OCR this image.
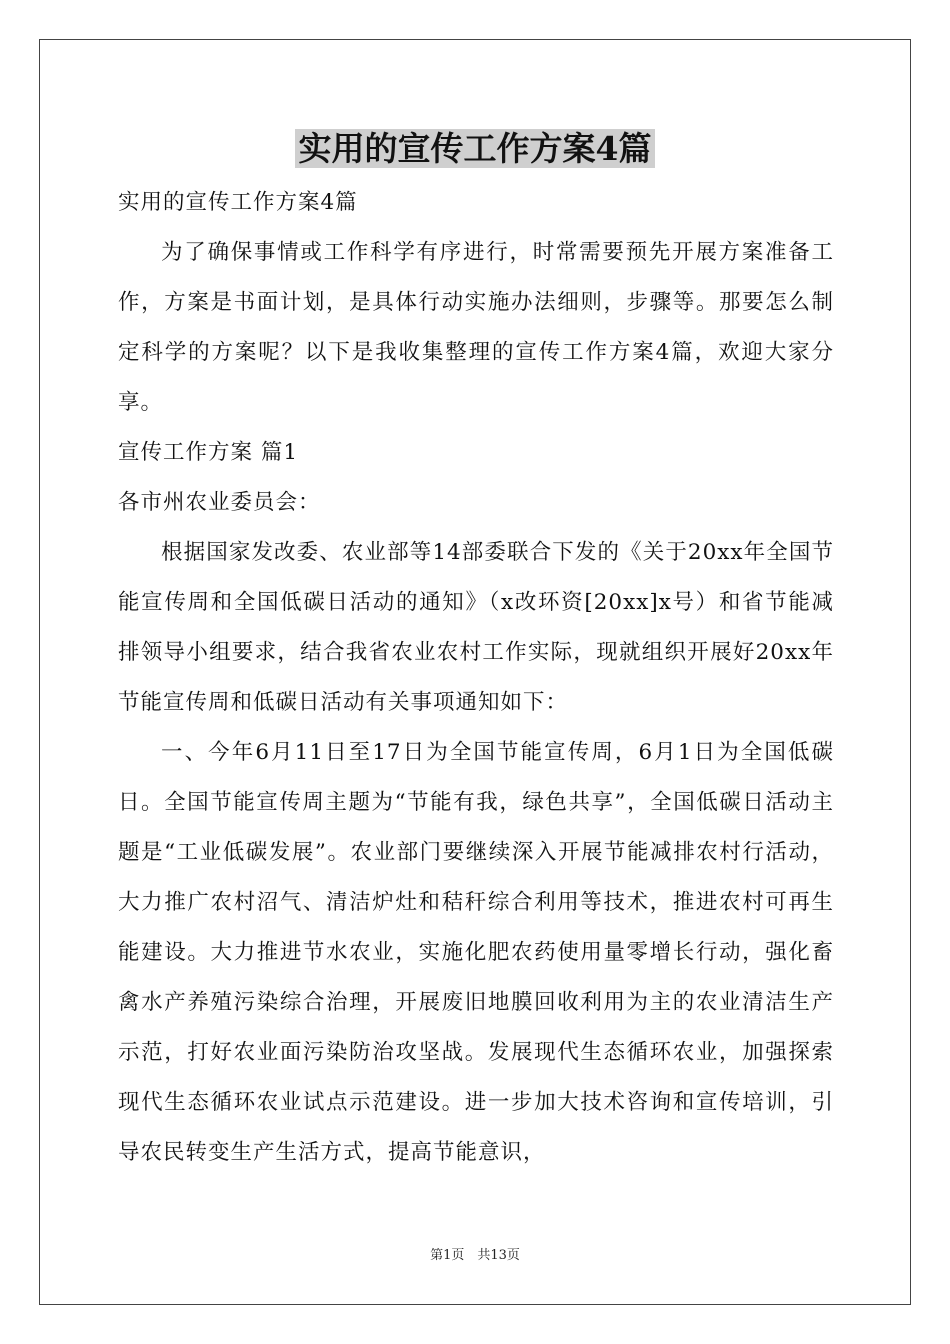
实用的宣传工作方案4篇

实用的宣传工作方案4篇

为了确保事情或工作科学有序进行，时常需要预先开展方案准备工作，方案是书面计划，是具体行动实施办法细则，步骤等。那要怎么制定科学的方案呢？以下是我收集整理的宣传工作方案4篇，欢迎大家分享。

宣传工作方案 篇1

各市州农业委员会：

根据国家发改委、农业部等14部委联合下发的《关于20xx年全国节能宣传周和全国低碳日活动的通知》（x改环资[20xx]x号）和省节能减排领导小组要求，结合我省农业农村工作实际，现就组织开展好20xx年节能宣传周和低碳日活动有关事项通知如下：

一、今年6月11日至17日为全国节能宣传周，6月1日为全国低碳日。全国节能宣传周主题为“节能有我，绿色共享”，全国低碳日活动主题是“工业低碳发展”。农业部门要继续深入开展节能减排农村行活动，大力推广农村沼气、清洁炉灶和秸秆综合利用等技术，推进农村可再生能建设。大力推进节水农业，实施化肥农药使用量零增长行动，强化畜禽水产养殖污染综合治理，开展废旧地膜回收利用为主的农业清洁生产示范，打好农业面污染防治攻坚战。发展现代生态循环农业，加强探索现代生态循环农业试点示范建设。进一步加大技术咨询和宣传培训，引导农民转变生产生活方式，提高节能意识，

第1页　共13页
